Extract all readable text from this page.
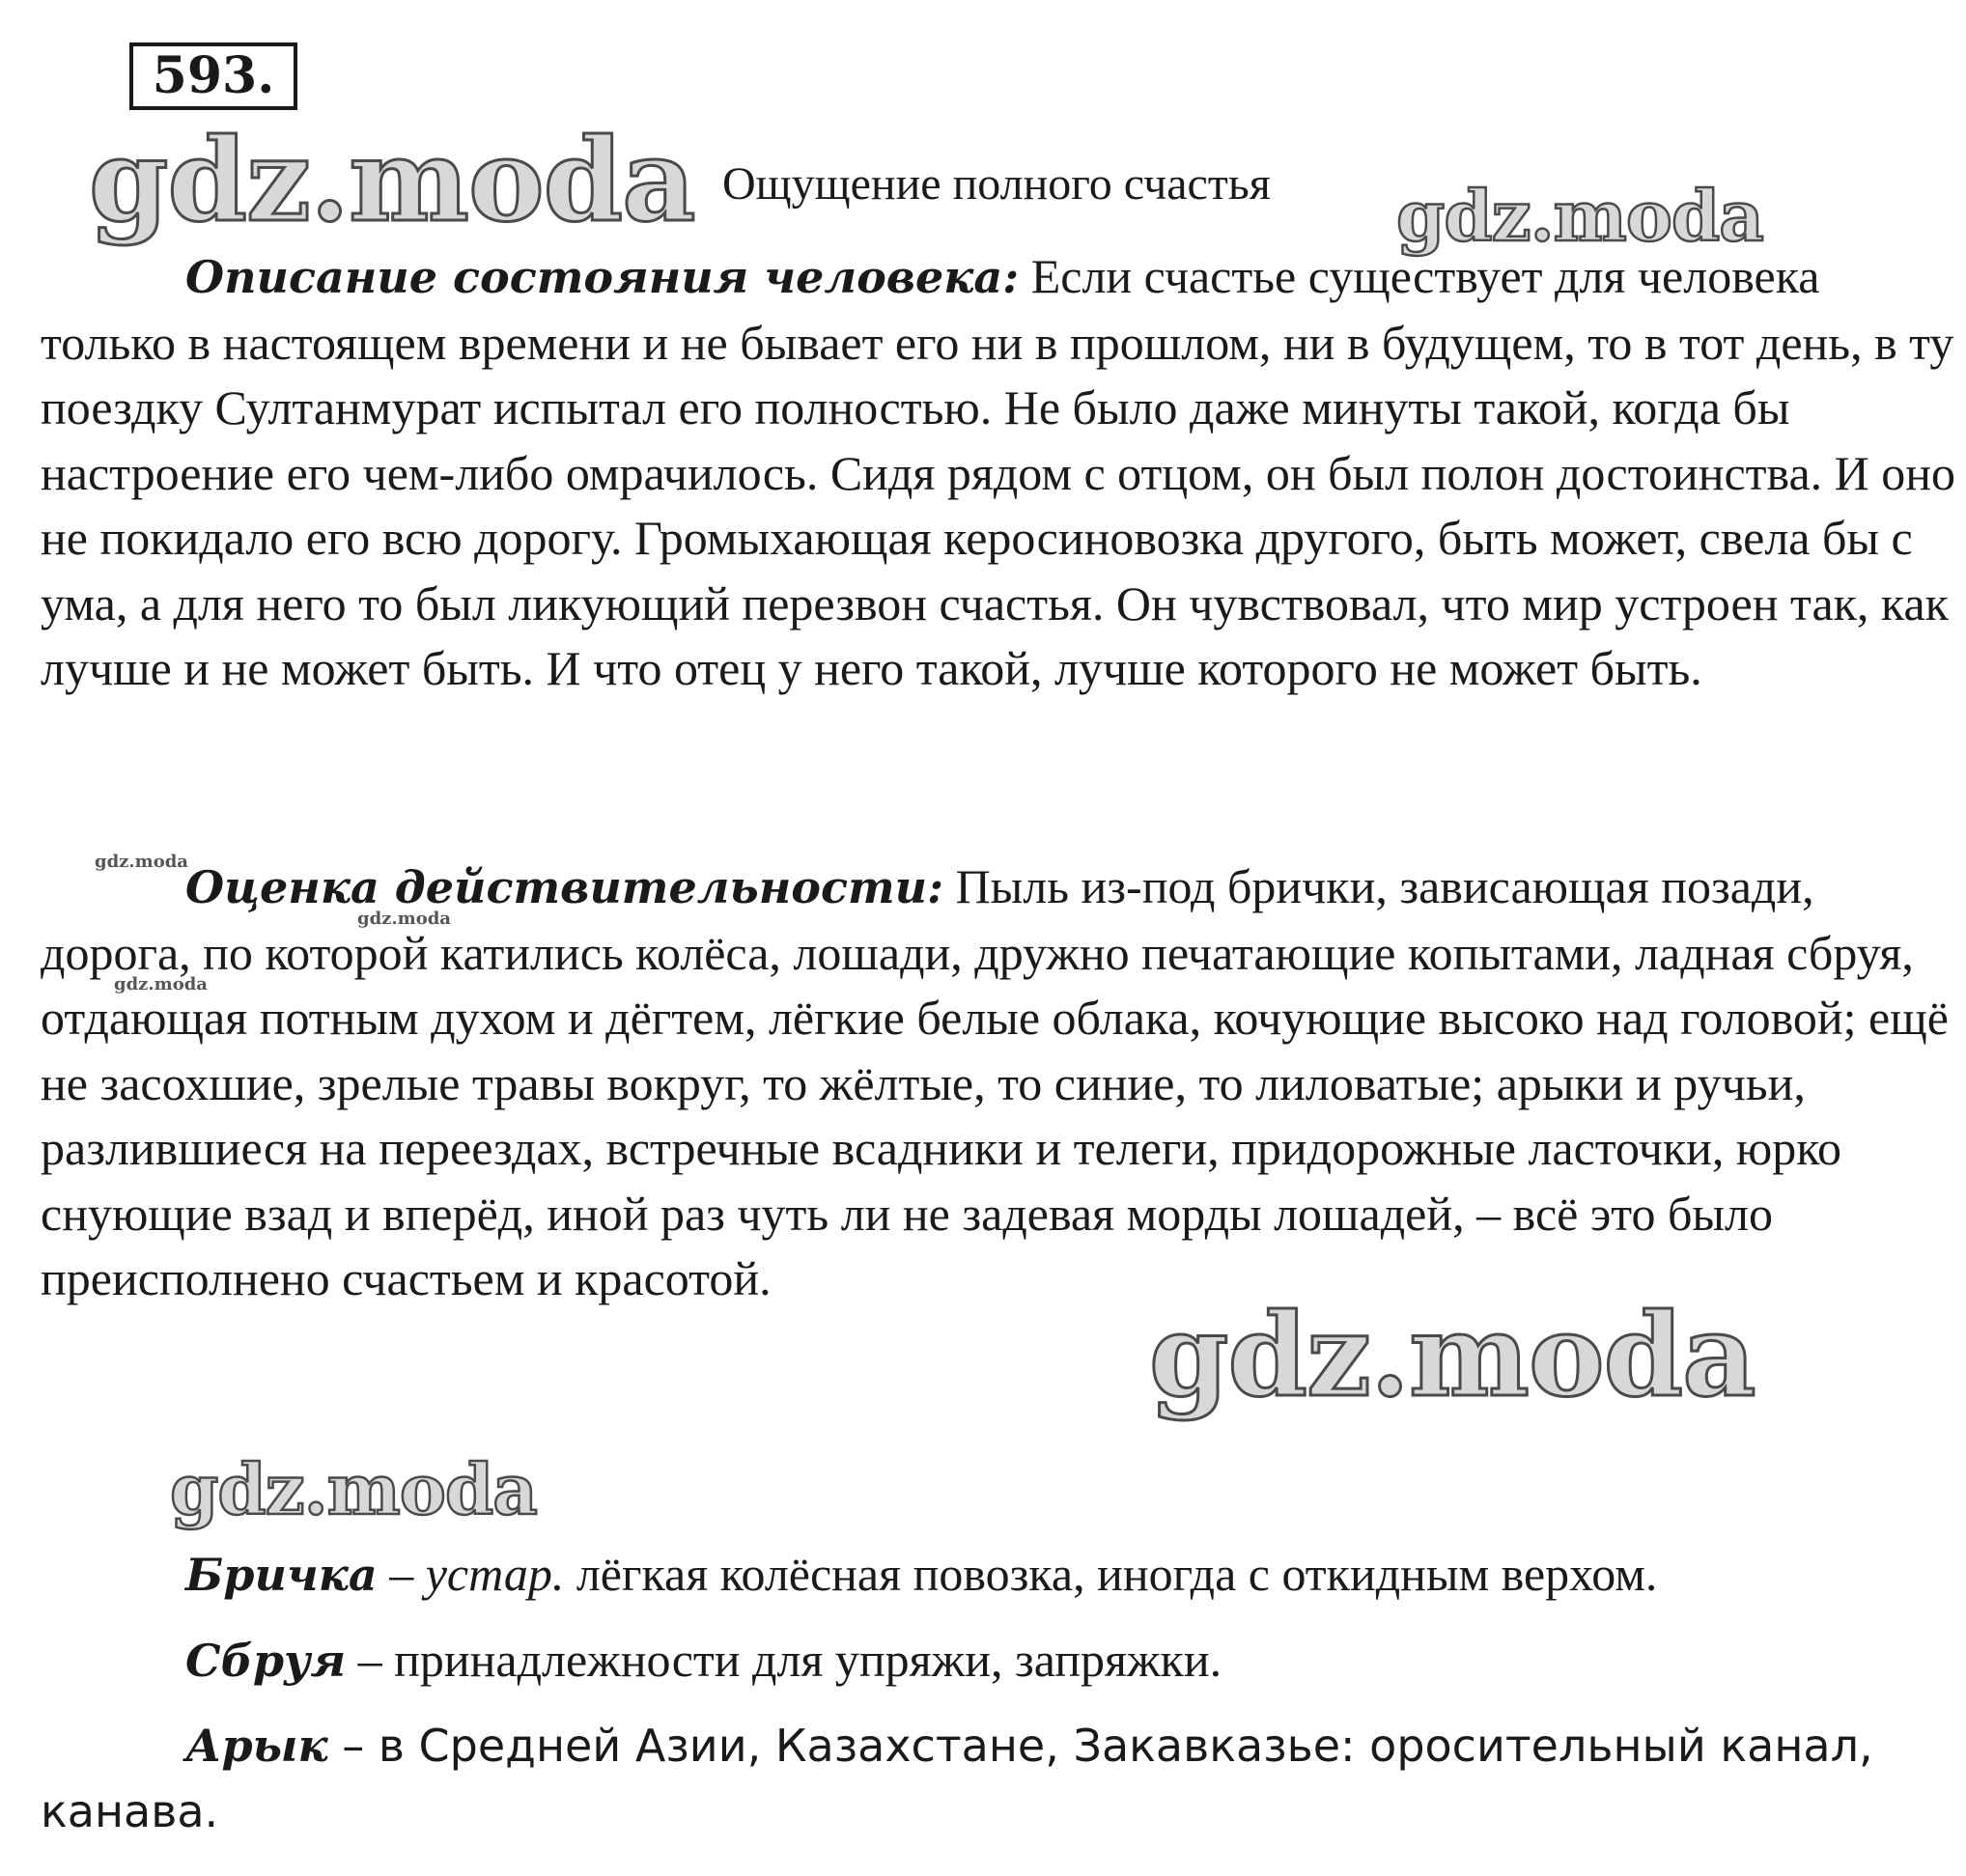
593.
gdz.moda	gdz.moda
gdz.moda
gdz.moda
gdz.moda
gdz.moda
gdz.moda
Ощущение полного счастья

Описание состояния человека: Если счастье существует для человека только в настоящем времени и не бывает его ни в прошлом, ни в будущем, то в тот день, в ту поездку Султанмурат испытал его полностью. Не было даже минуты такой, когда бы настроение его чем-либо омрачилось. Сидя рядом с отцом, он был полон достоинства. И оно не покидало его всю дорогу. Громыхающая керосиновозка другого, быть может, свела бы с ума, а для него то был ликующий перезвон счастья. Он чувствовал, что мир устроен так, как лучше и не может быть. И что отец у него такой, лучше которого не может быть.

Оценка действительности: Пыль из-под брички, зависающая позади, дорога, по которой катились колёса, лошади, дружно печатающие копытами, ладная сбруя, отдающая потным духом и дёгтем, лёгкие белые облака, кочующие высоко над головой; ещё не засохшие, зрелые травы вокруг, то жёлтые, то синие, то лиловатые; арыки и ручьи, разлившиеся на переездах, встречные всадники и телеги, придорожные ласточки, юрко снующие взад и вперёд, иной раз чуть ли не задевая морды лошадей, – всё это было преисполнено счастьем и красотой.

Бричка – устар. лёгкая колёсная повозка, иногда с откидным верхом.

Сбруя – принадлежности для упряжи, запряжки.

Арык – в Средней Азии, Казахстане, Закавказье: оросительный канал, канава.
